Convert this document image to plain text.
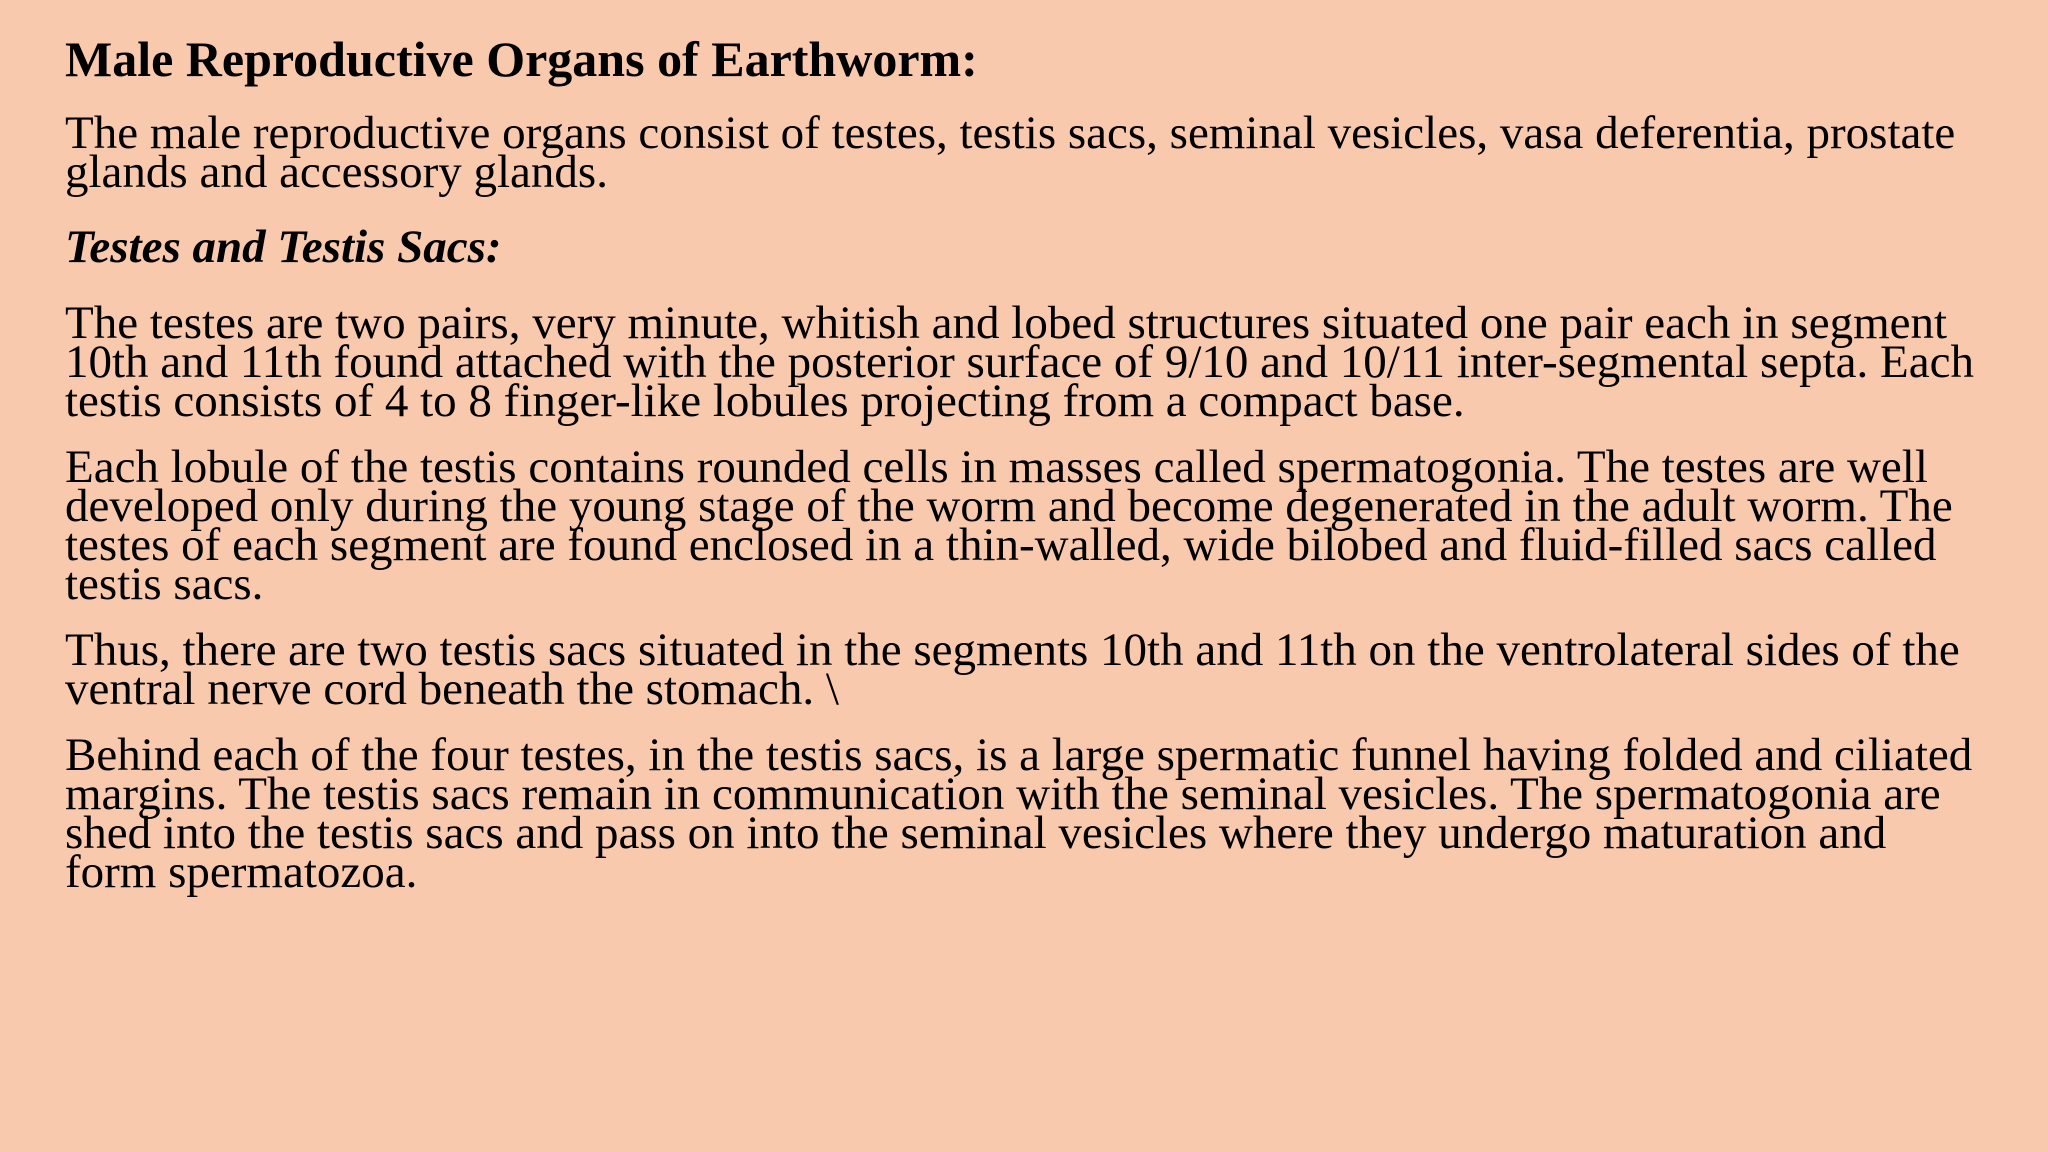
Male Reproductive Organs of Earthworm:

The male reproductive organs consist of testes, testis sacs, seminal vesicles, vasa deferentia, prostate glands and accessory glands.

Testes and Testis Sacs:

The testes are two pairs, very minute, whitish and lobed structures situated one pair each in segment 10th and 11th found attached with the posterior surface of 9/10 and 10/11 inter-segmental septa. Each testis consists of 4 to 8 finger-like lobules projecting from a compact base.

Each lobule of the testis contains rounded cells in masses called spermatogonia. The testes are well developed only during the young stage of the worm and become degenerated in the adult worm. The testes of each segment are found enclosed in a thin-walled, wide bilobed and fluid-filled sacs called testis sacs.

Thus, there are two testis sacs situated in the segments 10th and 11th on the ventrolateral sides of the ventral nerve cord beneath the stomach. \

Behind each of the four testes, in the testis sacs, is a large spermatic funnel having folded and ciliated margins. The testis sacs remain in communication with the seminal vesicles. The spermatogonia are shed into the testis sacs and pass on into the seminal vesicles where they undergo maturation and form spermatozoa.
